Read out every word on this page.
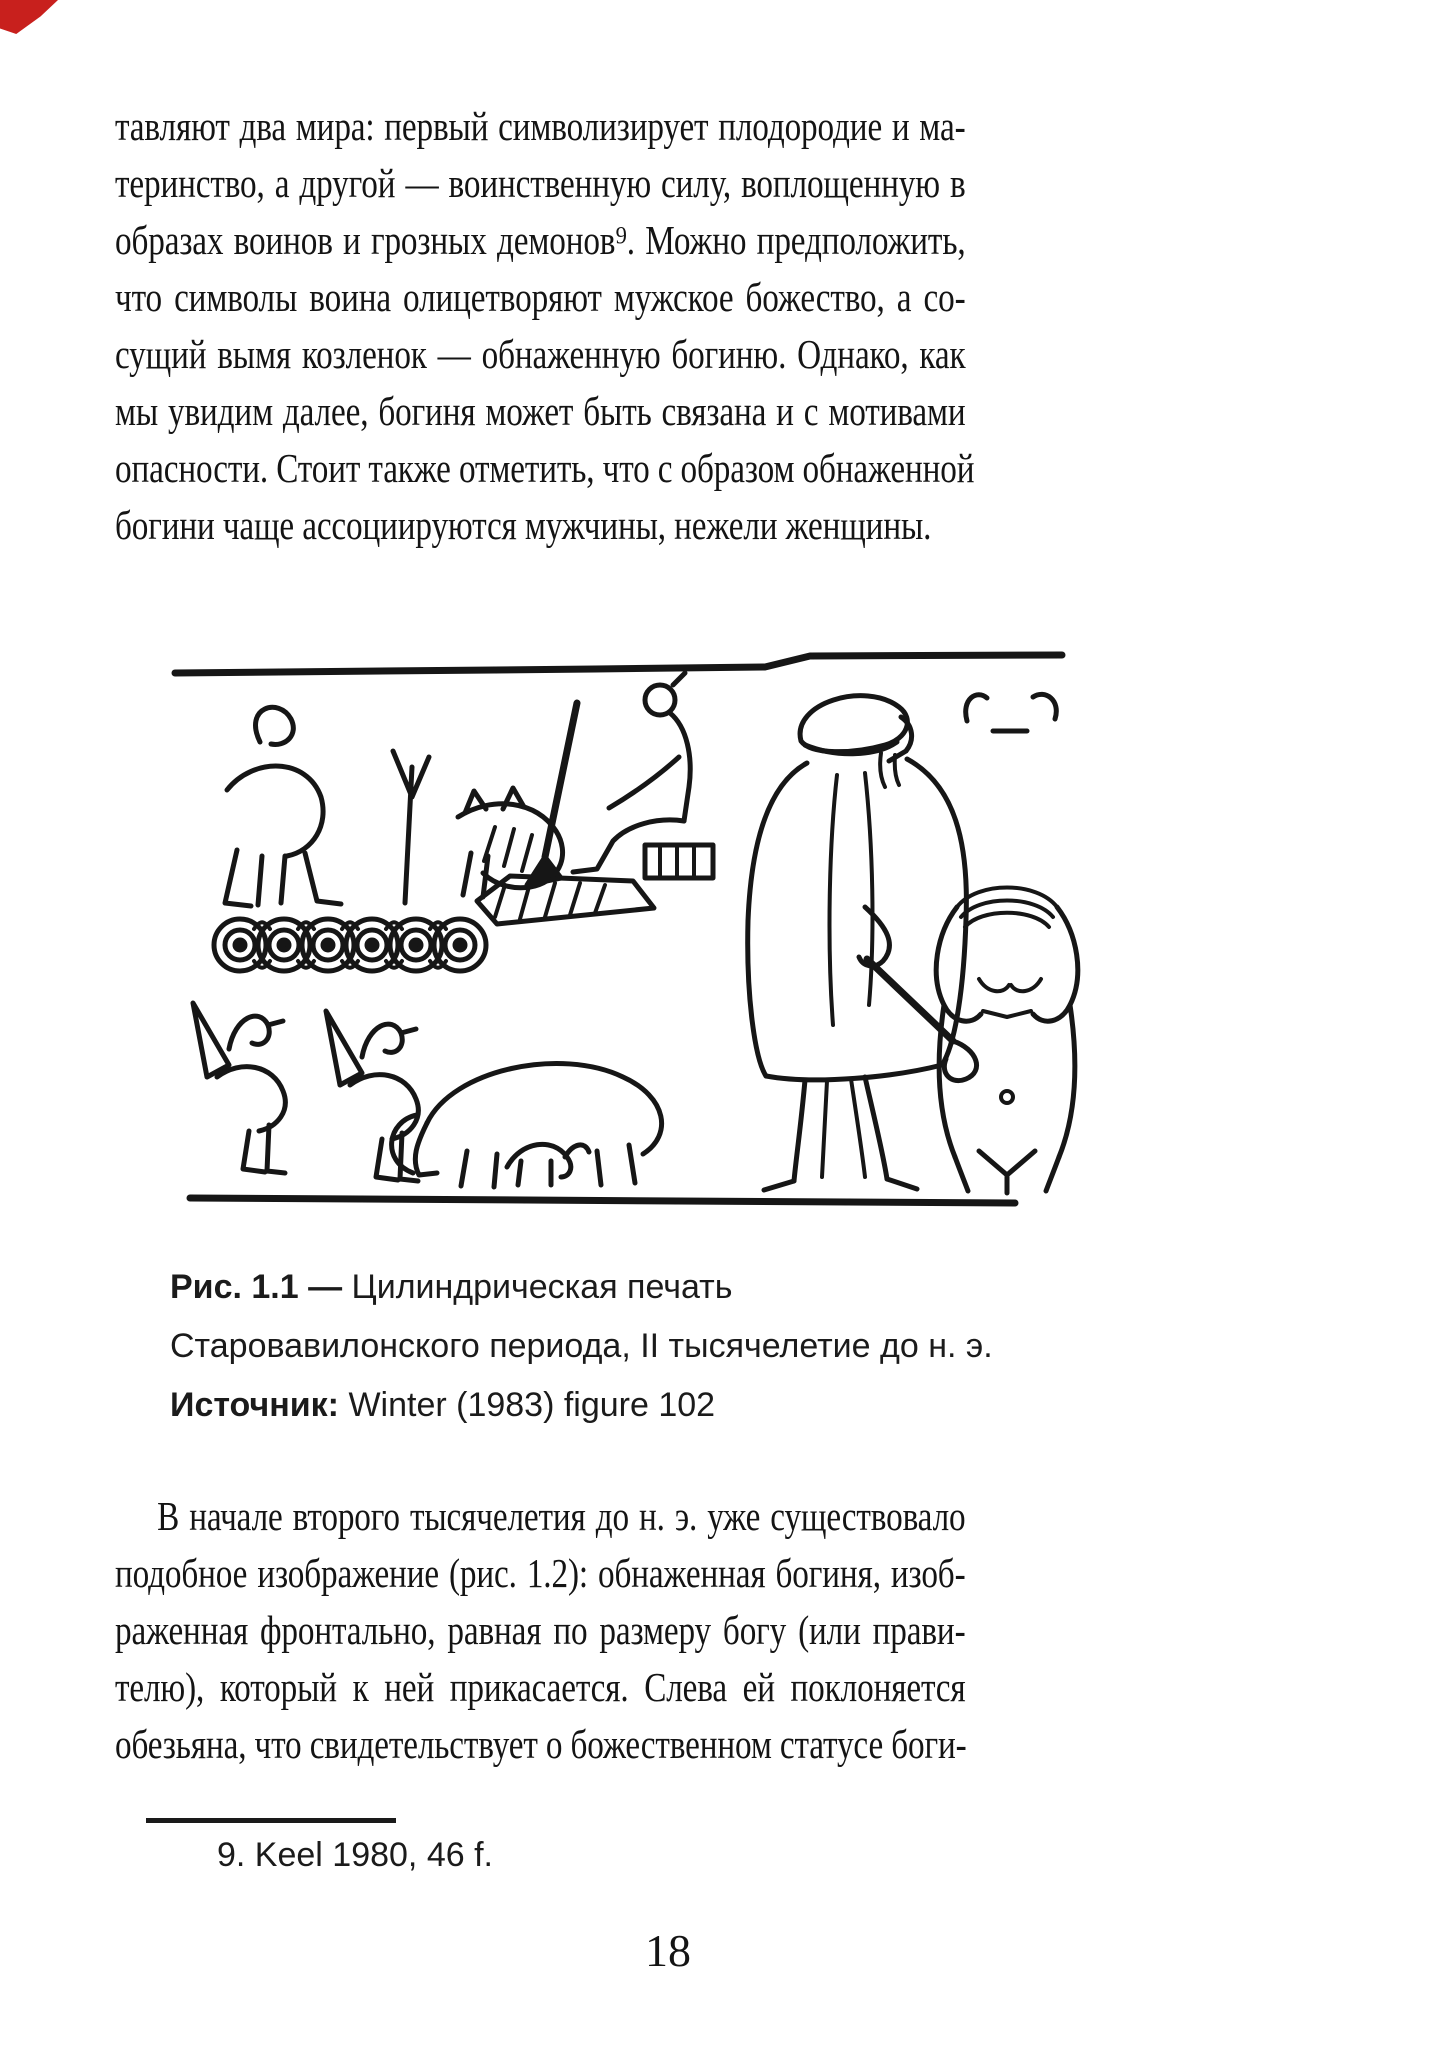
тавляют два мира: первый символизирует плодородие и ма-
теринство, а другой — воинственную силу, воплощенную в
образах воинов и грозных демонов⁹. Можно предположить,
что символы воина олицетворяют мужское божество, а со-
сущий вымя козленок — обнаженную богиню. Однако, как
мы увидим далее, богиня может быть связана и с мотивами
опасности. Стоит также отметить, что с образом обнаженной
богини чаще ассоциируются мужчины, нежели женщины.
Рис. 1.1 — Цилиндрическая печать
Старовавилонского периода, II тысячелетие до н. э.
Источник: Winter (1983) figure 102
В начале второго тысячелетия до н. э. уже существовало
подобное изображение (рис. 1.2): обнаженная богиня, изоб-
раженная фронтально, равная по размеру богу (или прави-
телю), который к ней прикасается. Слева ей поклоняется
обезьяна, что свидетельствует о божественном статусе боги-
9. Keel 1980, 46 f.
18
